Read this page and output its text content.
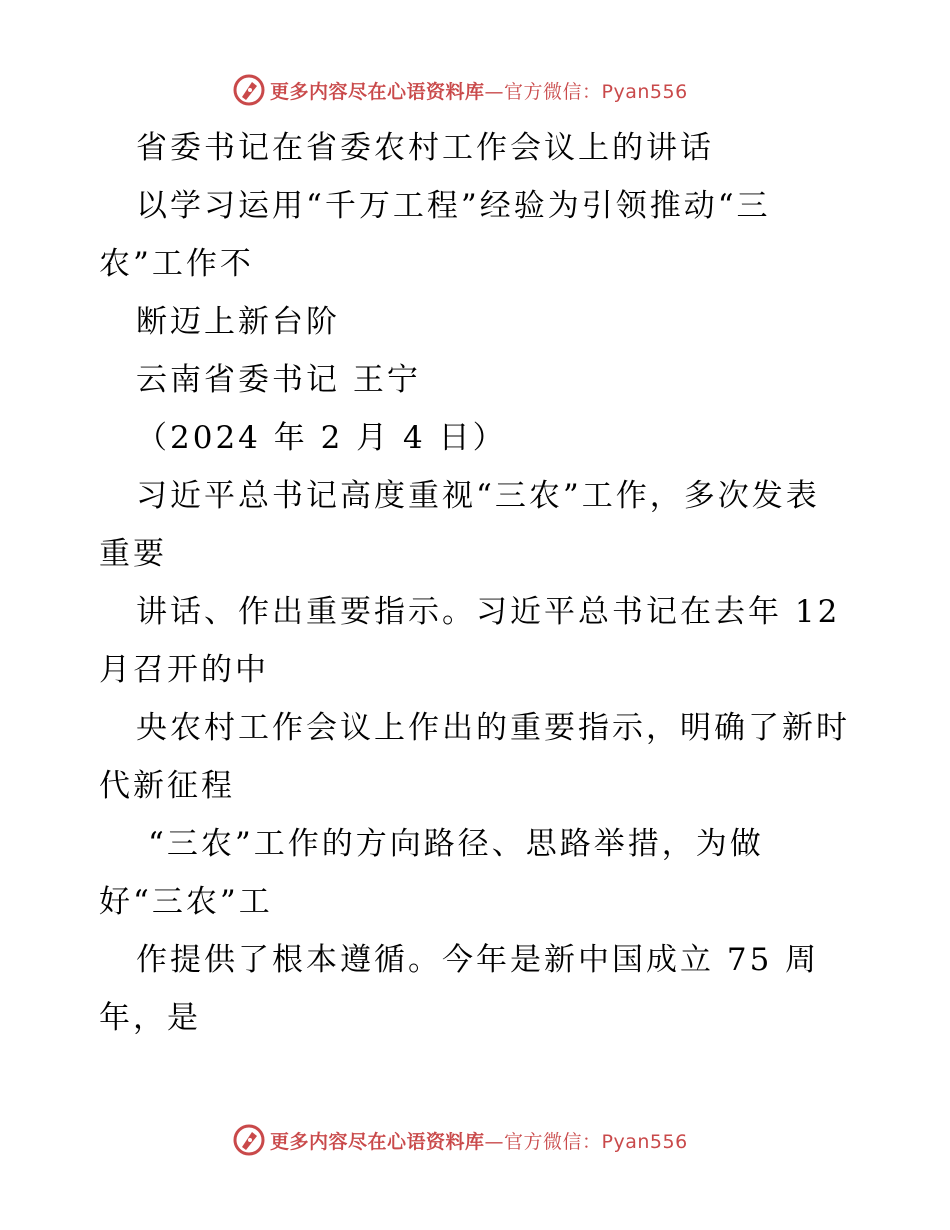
更多内容尽在心语资料库—官方微信：Pyan556
省委书记在省委农村工作会议上的讲话
以学习运用“千万工程”经验为引领推动“三
农”工作不
断迈上新台阶
云南省委书记 王宁
（2024 年 2 月 4 日）
习近平总书记高度重视“三农”工作，多次发表
重要
讲话、作出重要指示。习近平总书记在去年 12
月召开的中
央农村工作会议上作出的重要指示，明确了新时
代新征程
“三农”工作的方向路径、思路举措，为做
好“三农”工
作提供了根本遵循。今年是新中国成立 75 周
年，是
更多内容尽在心语资料库—官方微信：Pyan556
